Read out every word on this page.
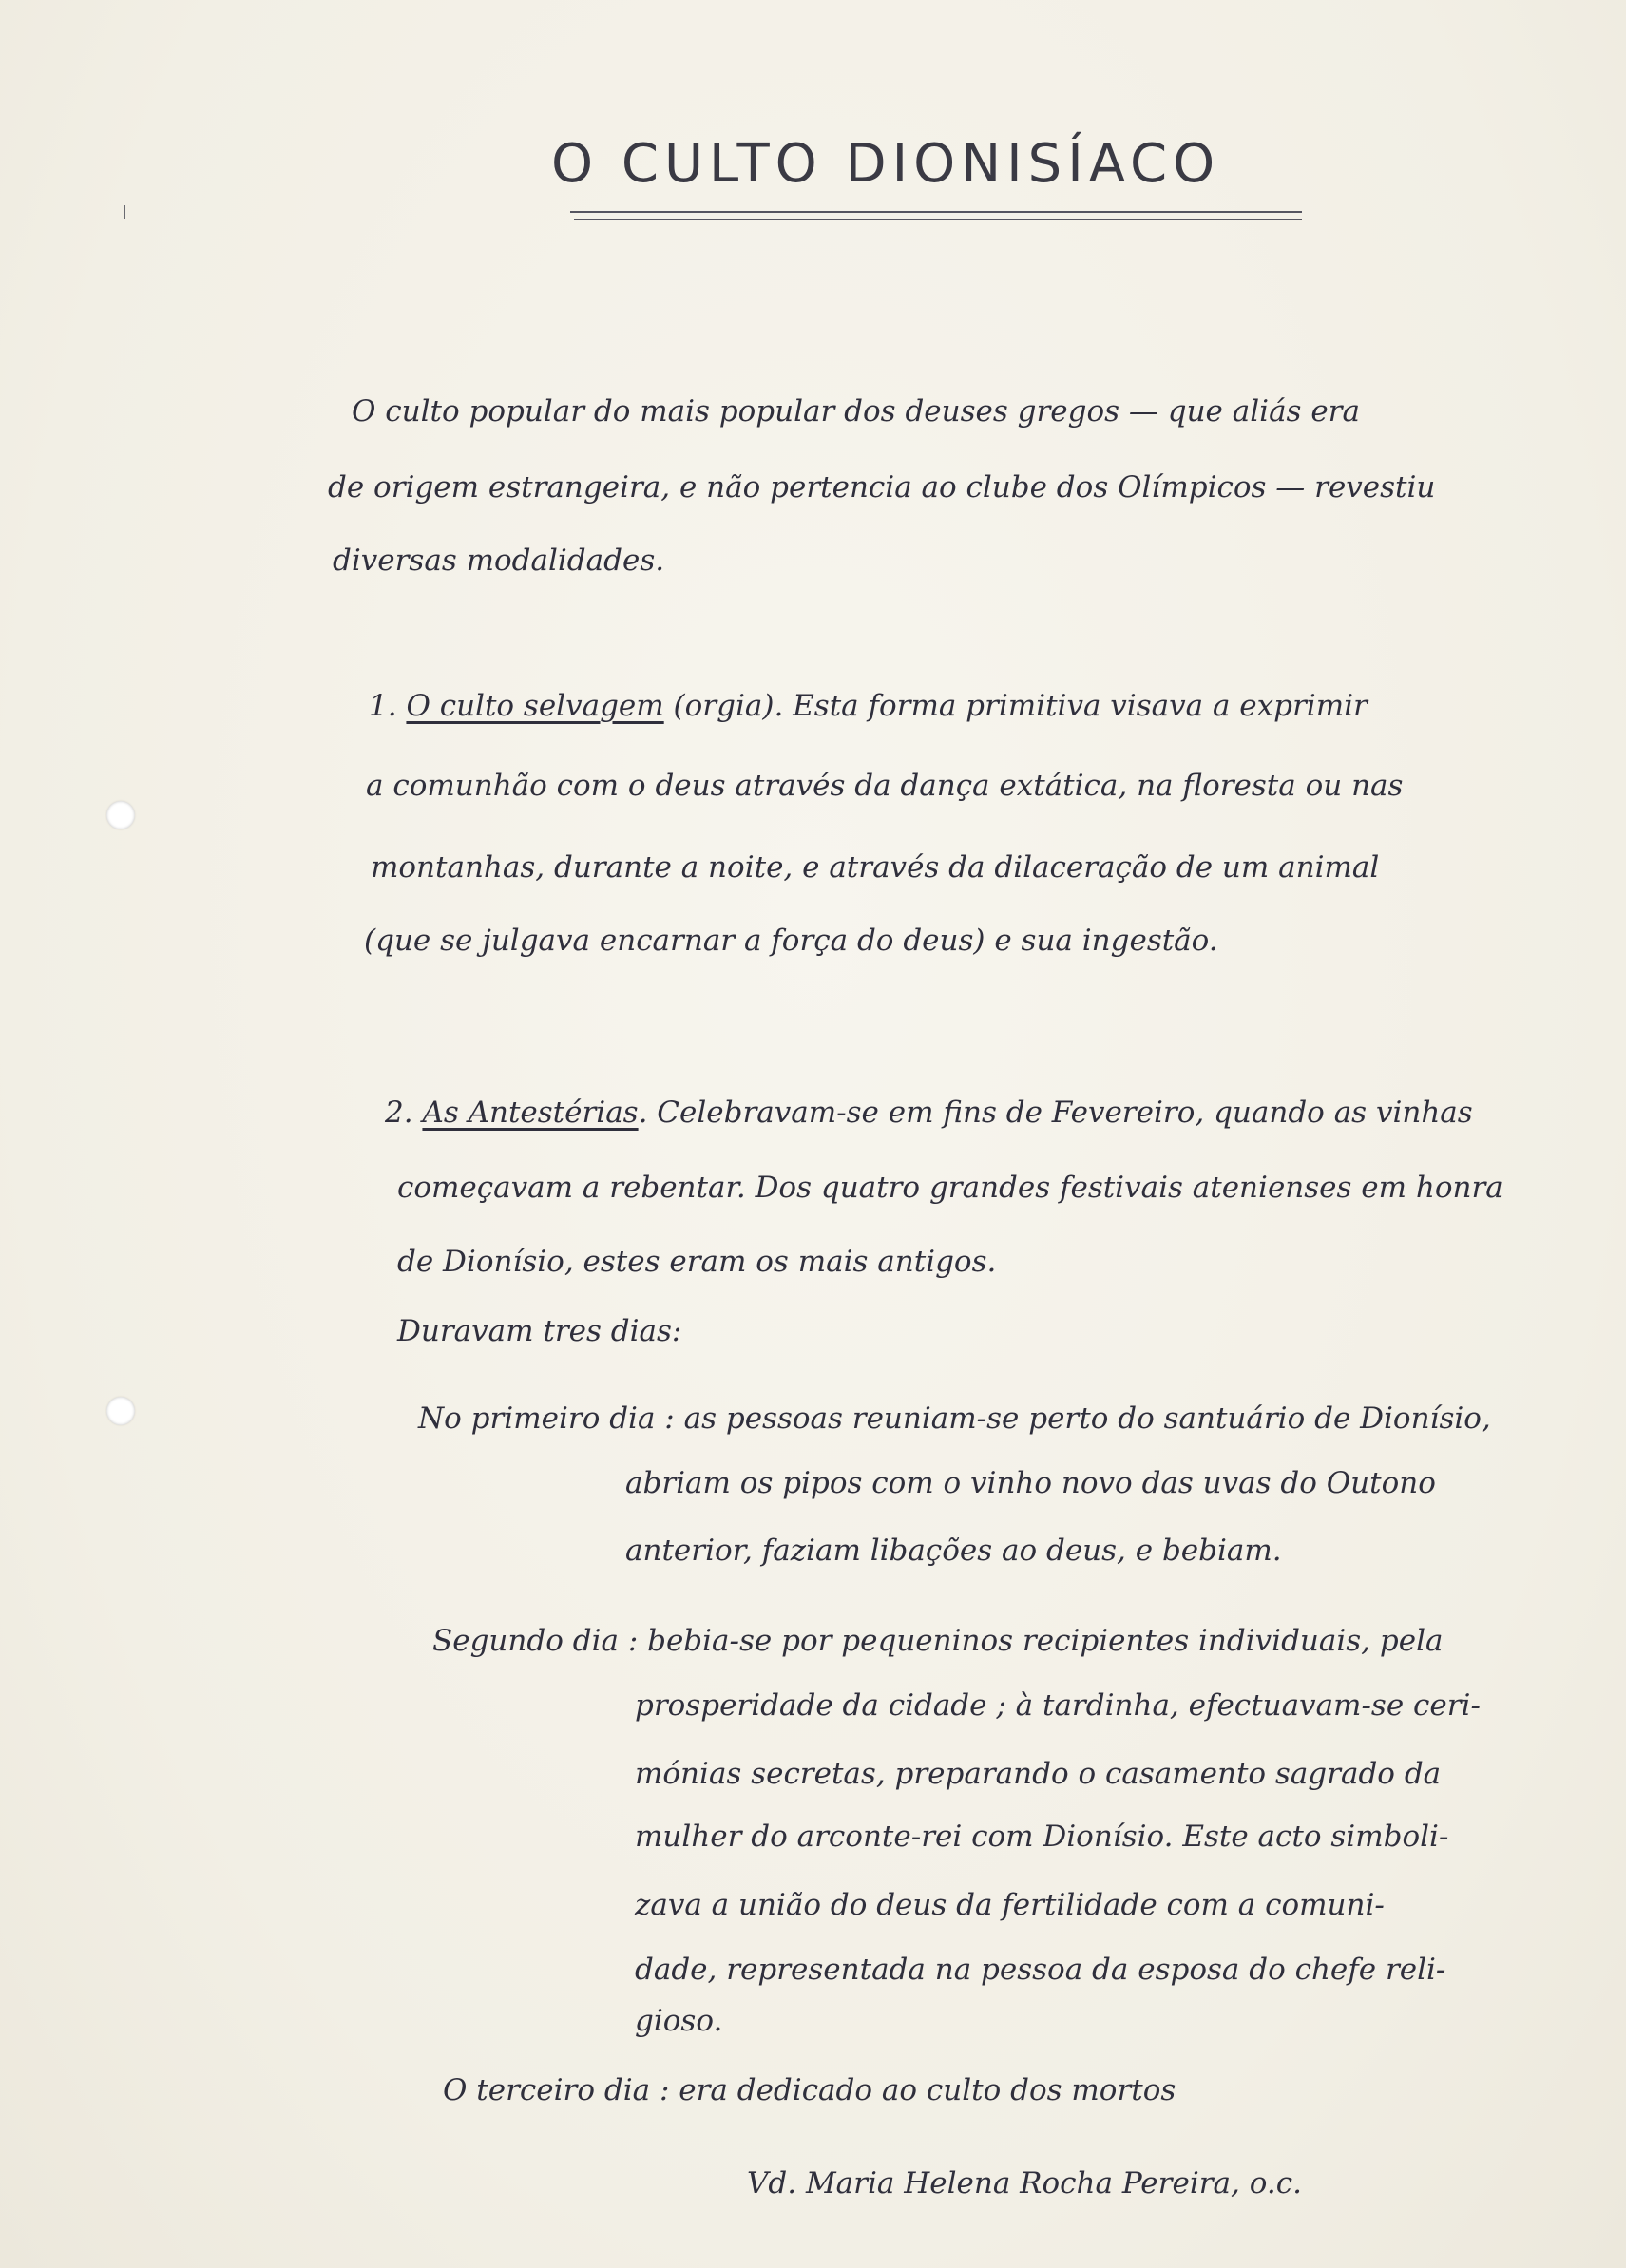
O CULTO DIONISÍACO
O culto popular do mais popular dos deuses gregos — que aliás era
de origem estrangeira, e não pertencia ao clube dos Olímpicos — revestiu
diversas modalidades.
1. O culto selvagem (orgia). Esta forma primitiva visava a exprimir
a comunhão com o deus através da dança extática, na floresta ou nas
montanhas, durante a noite, e através da dilaceração de um animal
(que se julgava encarnar a força do deus) e sua ingestão.
2. As Antestérias. Celebravam-se em fins de Fevereiro, quando as vinhas
começavam a rebentar. Dos quatro grandes festivais atenienses em honra
de Dionísio, estes eram os mais antigos.
Duravam tres dias:
No primeiro dia : as pessoas reuniam-se perto do santuário de Dionísio,
abriam os pipos com o vinho novo das uvas do Outono
anterior, faziam libações ao deus, e bebiam.
Segundo dia : bebia-se por pequeninos recipientes individuais, pela
prosperidade da cidade ; à tardinha, efectuavam-se ceri-
mónias secretas, preparando o casamento sagrado da
mulher do arconte-rei com Dionísio. Este acto simboli-
zava a união do deus da fertilidade com a comuni-
dade, representada na pessoa da esposa do chefe reli-
gioso.
O terceiro dia : era dedicado ao culto dos mortos
Vd. Maria Helena Rocha Pereira, o.c.
